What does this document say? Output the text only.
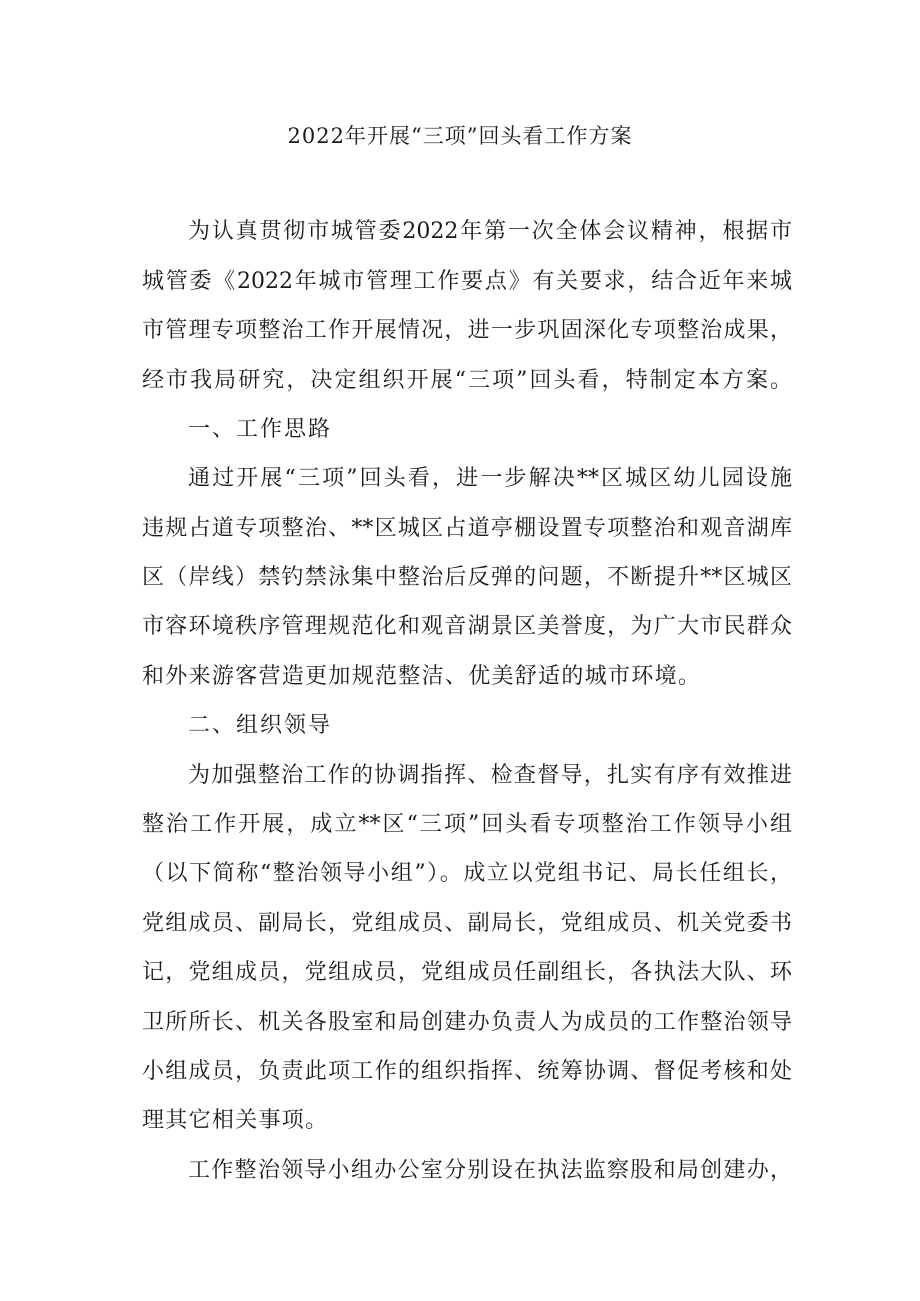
2022年开展“三项”回头看工作方案
为认真贯彻市城管委2022年第一次全体会议精神，根据市
城管委《2022年城市管理工作要点》有关要求，结合近年来城
市管理专项整治工作开展情况，进一步巩固深化专项整治成果，
经市我局研究，决定组织开展“三项”回头看，特制定本方案。
一、工作思路
通过开展“三项”回头看，进一步解决**区城区幼儿园设施
违规占道专项整治、**区城区占道亭棚设置专项整治和观音湖库
区（岸线）禁钓禁泳集中整治后反弹的问题，不断提升**区城区
市容环境秩序管理规范化和观音湖景区美誉度，为广大市民群众
和外来游客营造更加规范整洁、优美舒适的城市环境。
二、组织领导
为加强整治工作的协调指挥、检查督导，扎实有序有效推进
整治工作开展，成立**区“三项”回头看专项整治工作领导小组
（以下简称“整治领导小组”）。成立以党组书记、局长任组长，
党组成员、副局长，党组成员、副局长，党组成员、机关党委书
记，党组成员，党组成员，党组成员任副组长，各执法大队、环
卫所所长、机关各股室和局创建办负责人为成员的工作整治领导
小组成员，负责此项工作的组织指挥、统筹协调、督促考核和处
理其它相关事项。
工作整治领导小组办公室分别设在执法监察股和局创建办，
